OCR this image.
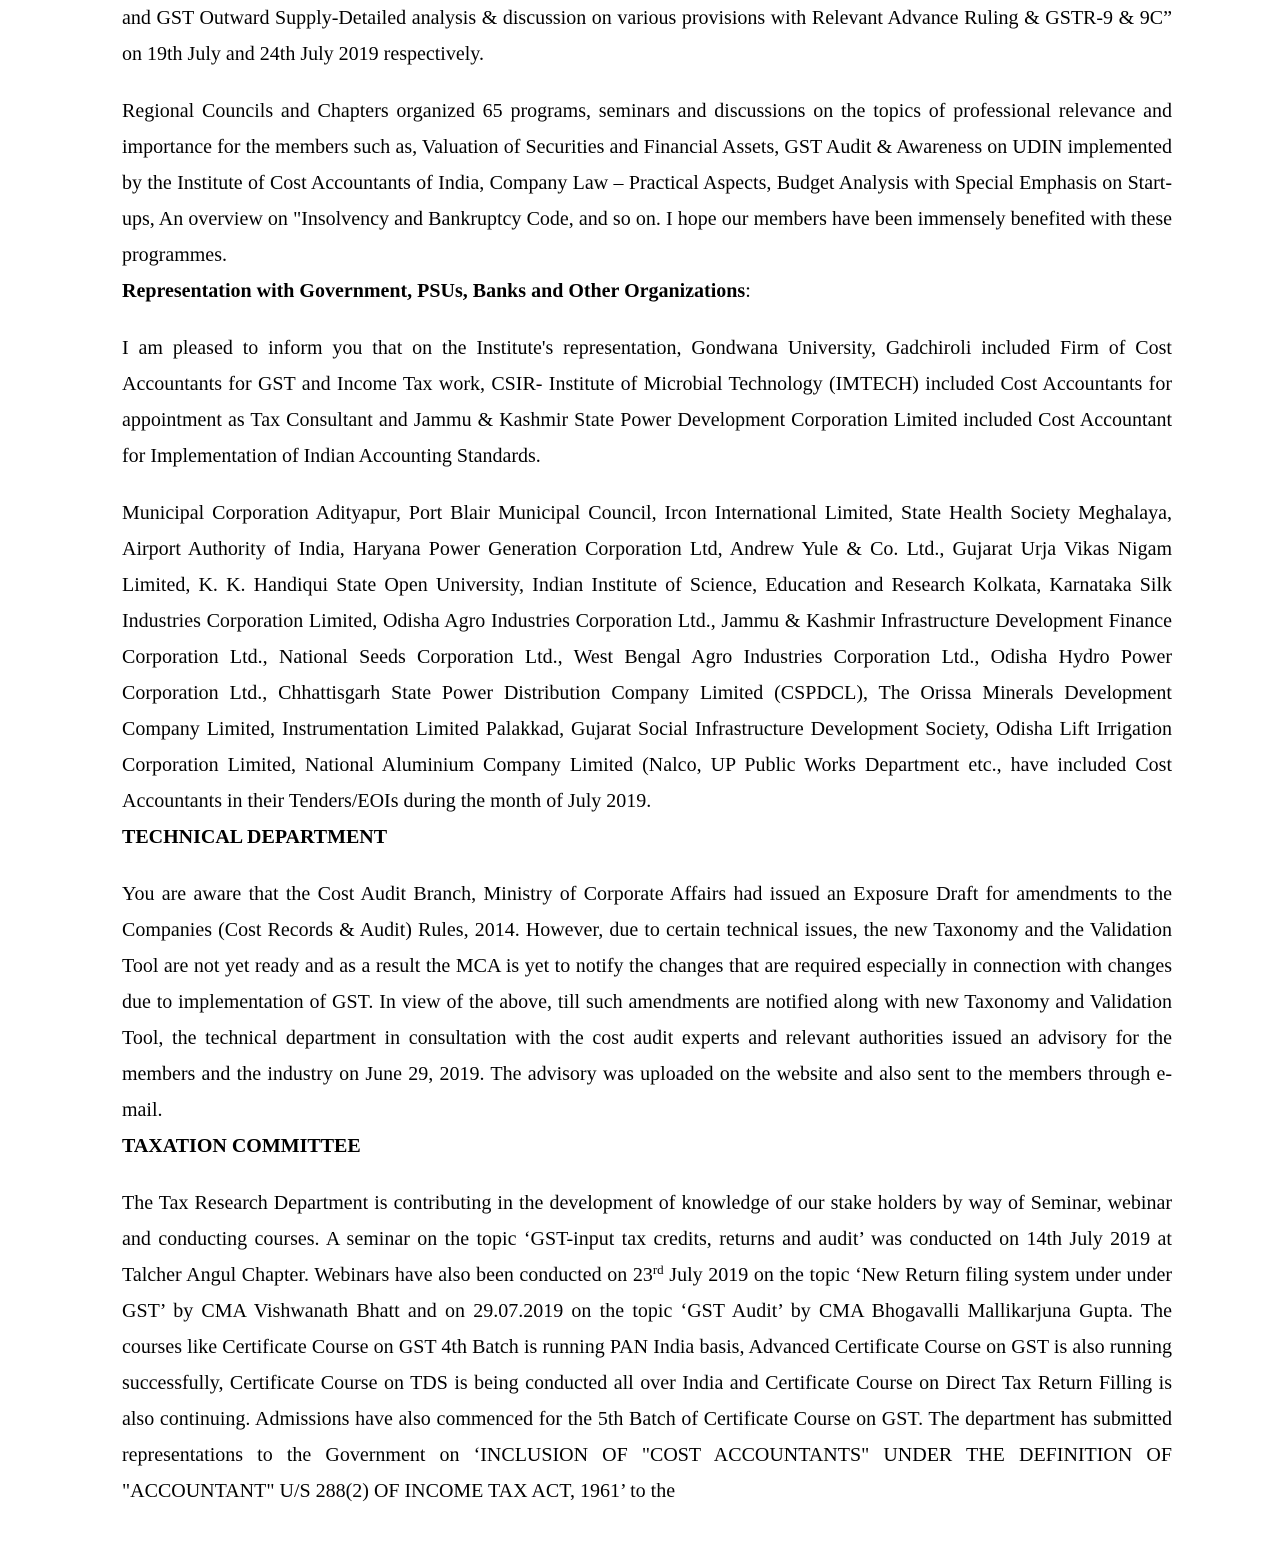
and GST Outward Supply-Detailed analysis & discussion on various provisions with Relevant Advance Ruling & GSTR-9 & 9C” on 19th July and 24th July 2019 respectively.

Regional Councils and Chapters organized 65 programs, seminars and discussions on the topics of professional relevance and importance for the members such as, Valuation of Securities and Financial Assets, GST Audit & Awareness on UDIN implemented by the Institute of Cost Accountants of India, Company Law – Practical Aspects, Budget Analysis with Special Emphasis on Start-ups, An overview on "Insolvency and Bankruptcy Code, and so on. I hope our members have been immensely benefited with these programmes.

Representation with Government, PSUs, Banks and Other Organizations:

I am pleased to inform you that on the Institute's representation, Gondwana University, Gadchiroli included Firm of Cost Accountants for GST and Income Tax work, CSIR- Institute of Microbial Technology (IMTECH) included Cost Accountants for appointment as Tax Consultant and Jammu & Kashmir State Power Development Corporation Limited included Cost Accountant for Implementation of Indian Accounting Standards.

Municipal Corporation Adityapur, Port Blair Municipal Council, Ircon International Limited, State Health Society Meghalaya, Airport Authority of India, Haryana Power Generation Corporation Ltd, Andrew Yule & Co. Ltd., Gujarat Urja Vikas Nigam Limited, K. K. Handiqui State Open University, Indian Institute of Science, Education and Research Kolkata, Karnataka Silk Industries Corporation Limited, Odisha Agro Industries Corporation Ltd., Jammu & Kashmir Infrastructure Development Finance Corporation Ltd., National Seeds Corporation Ltd., West Bengal Agro Industries Corporation Ltd., Odisha Hydro Power Corporation Ltd., Chhattisgarh State Power Distribution Company Limited (CSPDCL), The Orissa Minerals Development Company Limited, Instrumentation Limited Palakkad, Gujarat Social Infrastructure Development Society, Odisha Lift Irrigation Corporation Limited, National Aluminium Company Limited (Nalco, UP Public Works Department etc., have included Cost Accountants in their Tenders/EOIs during the month of July 2019.

TECHNICAL DEPARTMENT

You are aware that the Cost Audit Branch, Ministry of Corporate Affairs had issued an Exposure Draft for amendments to the Companies (Cost Records & Audit) Rules, 2014. However, due to certain technical issues, the new Taxonomy and the Validation Tool are not yet ready and as a result the MCA is yet to notify the changes that are required especially in connection with changes due to implementation of GST. In view of the above, till such amendments are notified along with new Taxonomy and Validation Tool, the technical department in consultation with the cost audit experts and relevant authorities issued an advisory for the members and the industry on June 29, 2019. The advisory was uploaded on the website and also sent to the members through e-mail.

TAXATION COMMITTEE

The Tax Research Department is contributing in the development of knowledge of our stake holders by way of Seminar, webinar and conducting courses. A seminar on the topic ‘GST-input tax credits, returns and audit’ was conducted on 14th July 2019 at Talcher Angul Chapter. Webinars have also been conducted on 23rd July 2019 on the topic ‘New Return filing system under under GST’ by CMA Vishwanath Bhatt and on 29.07.2019 on the topic ‘GST Audit’ by CMA Bhogavalli Mallikarjuna Gupta. The courses like Certificate Course on GST 4th Batch is running PAN India basis, Advanced Certificate Course on GST is also running successfully, Certificate Course on TDS is being conducted all over India and Certificate Course on Direct Tax Return Filling is also continuing. Admissions have also commenced for the 5th Batch of Certificate Course on GST. The department has submitted representations to the Government on ‘INCLUSION OF "COST ACCOUNTANTS" UNDER THE DEFINITION OF "ACCOUNTANT" U/S 288(2) OF INCOME TAX ACT, 1961’ to the
